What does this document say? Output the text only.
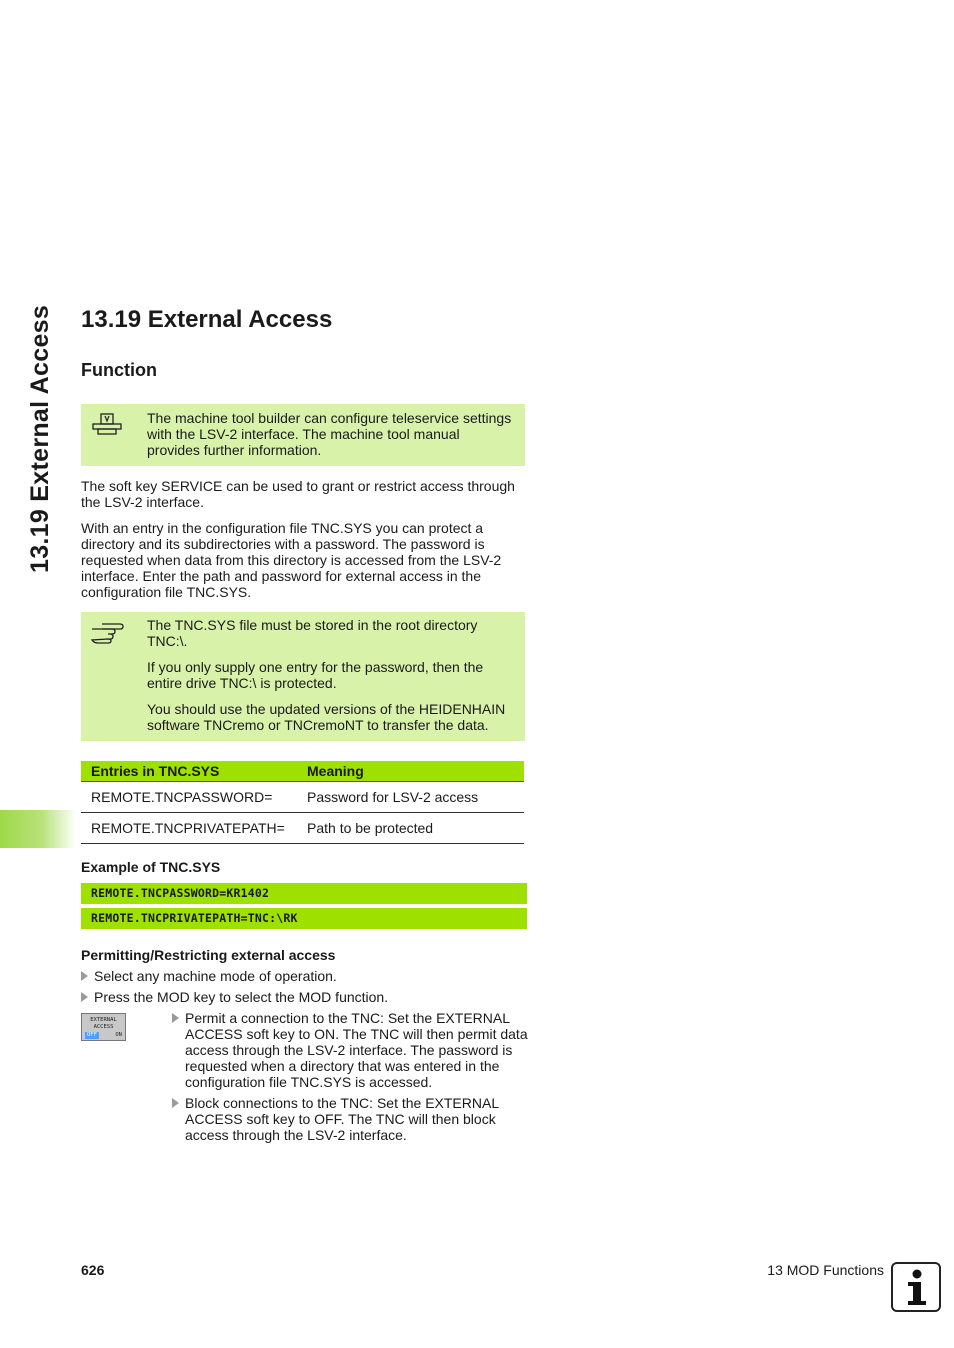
13.19 External Access 13.19 External Access
Function

The machine tool builder can configure teleservice settings with the LSV-2 interface. The machine tool manual provides further information.

The soft key SERVICE can be used to grant or restrict access through the LSV-2 interface.

With an entry in the configuration file TNC.SYS you can protect a directory and its subdirectories with a password. The password is requested when data from this directory is accessed from the LSV-2 interface. Enter the path and password for external access in the configuration file TNC.SYS.

The TNC.SYS file must be stored in the root directory TNC:\.

If you only supply one entry for the password, then the entire drive TNC:\ is protected.

You should use the updated versions of the HEIDENHAIN software TNCremo or TNCremoNT to transfer the data.

Entries in TNC.SYS	Meaning
REMOTE.TNCPASSWORD=	Password for LSV-2 access
REMOTE.TNCPRIVATEPATH=	Path to be protected

Example of TNC.SYS

REMOTE.TNCPASSWORD=KR1402
REMOTE.TNCPRIVATEPATH=TNC:\RK

Permitting/Restricting external access

Select any machine mode of operation.
Press the MOD key to select the MOD function.
EXTERNAL
ACCESS
OFF	ON
Permit a connection to the TNC: Set the EXTERNAL ACCESS soft key to ON. The TNC will then permit data access through the LSV-2 interface. The password is requested when a directory that was entered in the configuration file TNC.SYS is accessed.
Block connections to the TNC: Set the EXTERNAL ACCESS soft key to OFF. The TNC will then block access through the LSV-2 interface.
626	13 MOD Functions
